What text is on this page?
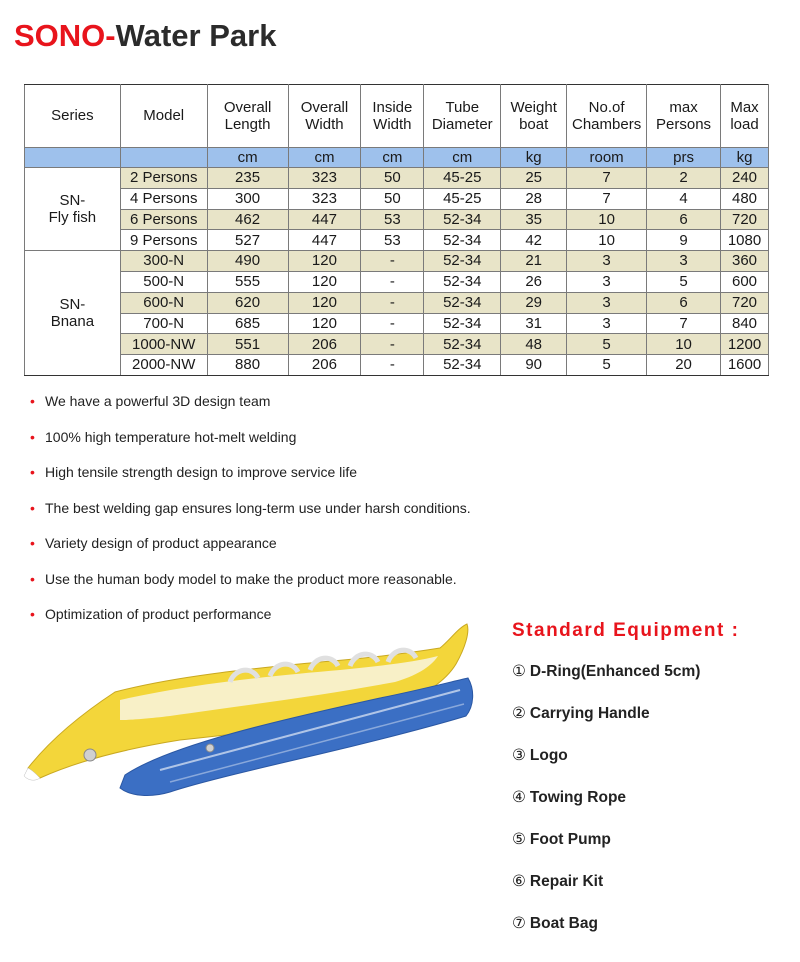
SONO-Water Park
Series	Model	Overall Length	Overall Width	Inside Width	Tube Diameter	Weight boat	No.of Chambers	max Persons	Max load
		cm	cm	cm	cm	kg	room	prs	kg
SN-
Fly fish	2 Persons	235	323	50	45-25	25	7	2	240
	4 Persons	300	323	50	45-25	28	7	4	480
	6 Persons	462	447	53	52-34	35	10	6	720
	9 Persons	527	447	53	52-34	42	10	9	1080
SN-
Bnana	300-N	490	120	-	52-34	21	3	3	360
	500-N	555	120	-	52-34	26	3	5	600
	600-N	620	120	-	52-34	29	3	6	720
	700-N	685	120	-	52-34	31	3	7	840
	1000-NW	551	206	-	52-34	48	5	10	1200
	2000-NW	880	206	-	52-34	90	5	20	1600
• We have a powerful 3D design team
• 100% high temperature hot-melt welding
• High tensile strength design to improve service life
• The best welding gap ensures long-term use under harsh conditions.
• Variety design of product appearance
• Use the human body model to make the product more reasonable.
• Optimization of product performance
Standard Equipment :
① D-Ring(Enhanced 5cm)
② Carrying Handle
③ Logo
④ Towing Rope
⑤ Foot Pump
⑥ Repair Kit
⑦ Boat Bag
